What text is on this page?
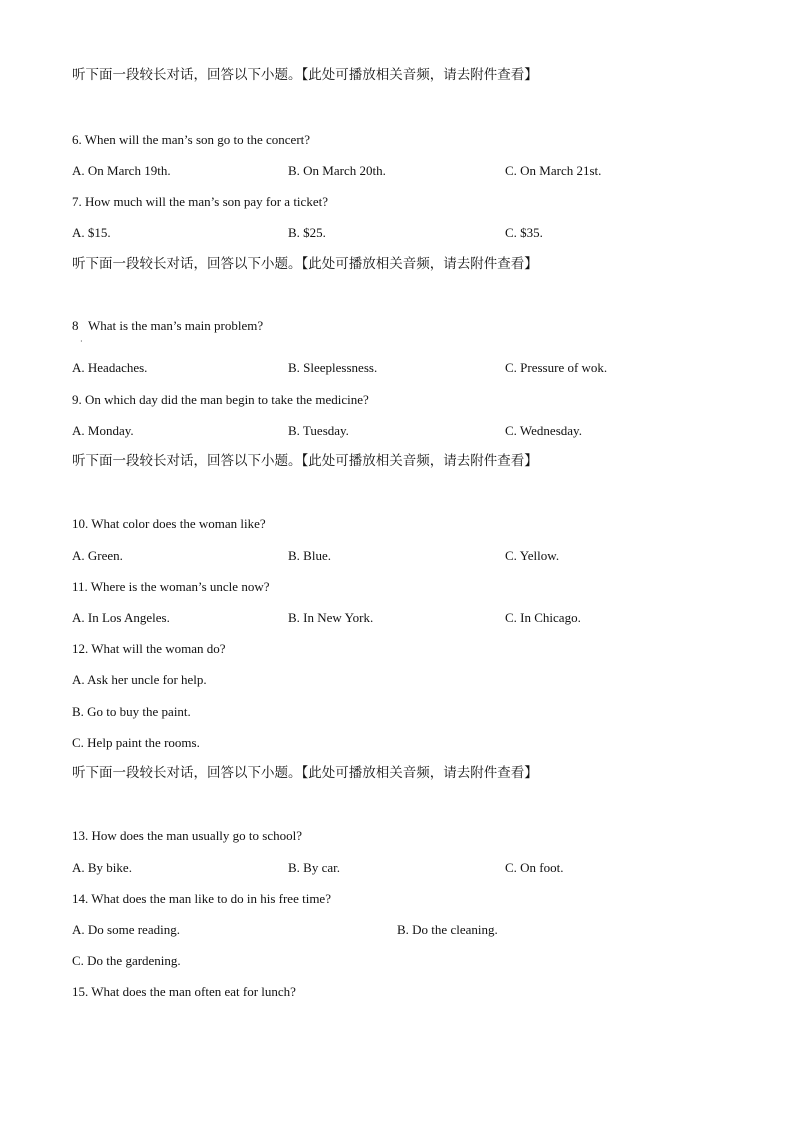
听下面一段较长对话，回答以下小题。【此处可播放相关音频，请去附件查看】
6. When will the man’s son go to the concert?
A. On March 19th.	B. On March 20th.	C. On March 21st.
7. How much will the man’s son pay for a ticket?
A. $15.	B. $25.	C. $35.
听下面一段较长对话，回答以下小题。【此处可播放相关音频，请去附件查看】
8   What is the man’s main problem?
·
A. Headaches.	B. Sleeplessness.	C. Pressure of wok.
9. On which day did the man begin to take the medicine?
A. Monday.	B. Tuesday.	C. Wednesday.
听下面一段较长对话，回答以下小题。【此处可播放相关音频，请去附件查看】
10. What color does the woman like?
A. Green.	B. Blue.	C. Yellow.
11. Where is the woman’s uncle now?
A. In Los Angeles.	B. In New York.	C. In Chicago.
12. What will the woman do?
A. Ask her uncle for help.
B. Go to buy the paint.
C. Help paint the rooms.
听下面一段较长对话，回答以下小题。【此处可播放相关音频，请去附件查看】
13. How does the man usually go to school?
A. By bike.	B. By car.	C. On foot.
14. What does the man like to do in his free time?
A. Do some reading.	B. Do the cleaning.
C. Do the gardening.
15. What does the man often eat for lunch?
